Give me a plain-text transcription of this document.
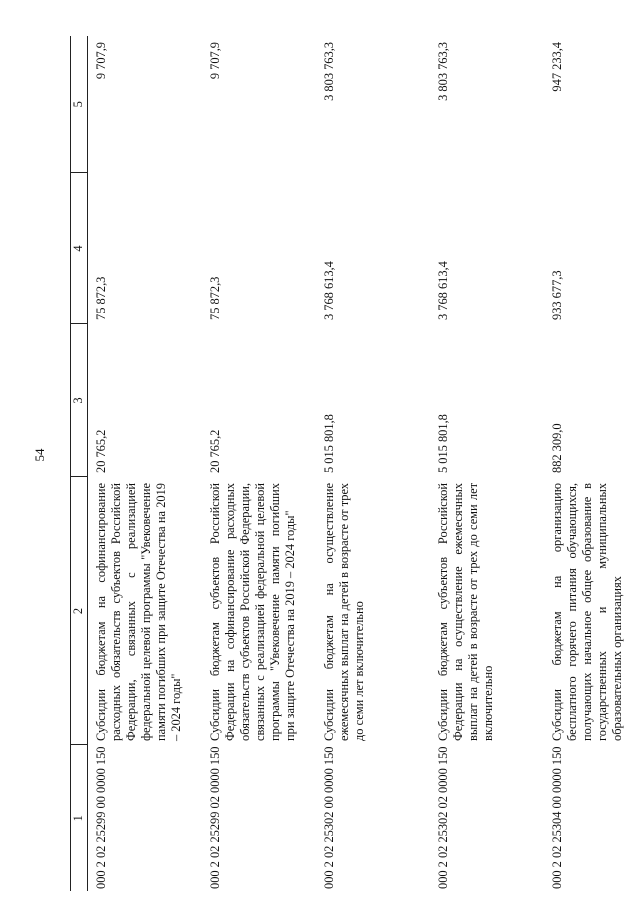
54
1	2	3	4	5
000 2 02 25299 00 0000 150	Субсидии бюджетам на софинансирование расходных обязательств субъектов Российской Федерации, связанных с реализацией федеральной целевой программы "Увековечение памяти погибших при защите Отечества на 2019 – 2024 годы"	20 765,2	75 872,3	9 707,9
000 2 02 25299 02 0000 150	Субсидии бюджетам субъектов Российской Федерации на софинансирование расходных обязательств субъектов Российской Федерации, связанных с реализацией федеральной целевой программы "Увековечение памяти погибших при защите Отечества на 2019 – 2024 годы"	20 765,2	75 872,3	9 707,9
000 2 02 25302 00 0000 150	Субсидии бюджетам на осуществление ежемесячных выплат на детей в возрасте от трех до семи лет включительно	5 015 801,8	3 768 613,4	3 803 763,3
000 2 02 25302 02 0000 150	Субсидии бюджетам субъектов Российской Федерации на осуществление ежемесячных выплат на детей в возрасте от трех до семи лет включительно	5 015 801,8	3 768 613,4	3 803 763,3
000 2 02 25304 00 0000 150	Субсидии бюджетам на организацию бесплатного горячего питания обучающихся, получающих начальное общее образование в государственных и муниципальных образовательных организациях	882 309,0	933 677,3	947 233,4
